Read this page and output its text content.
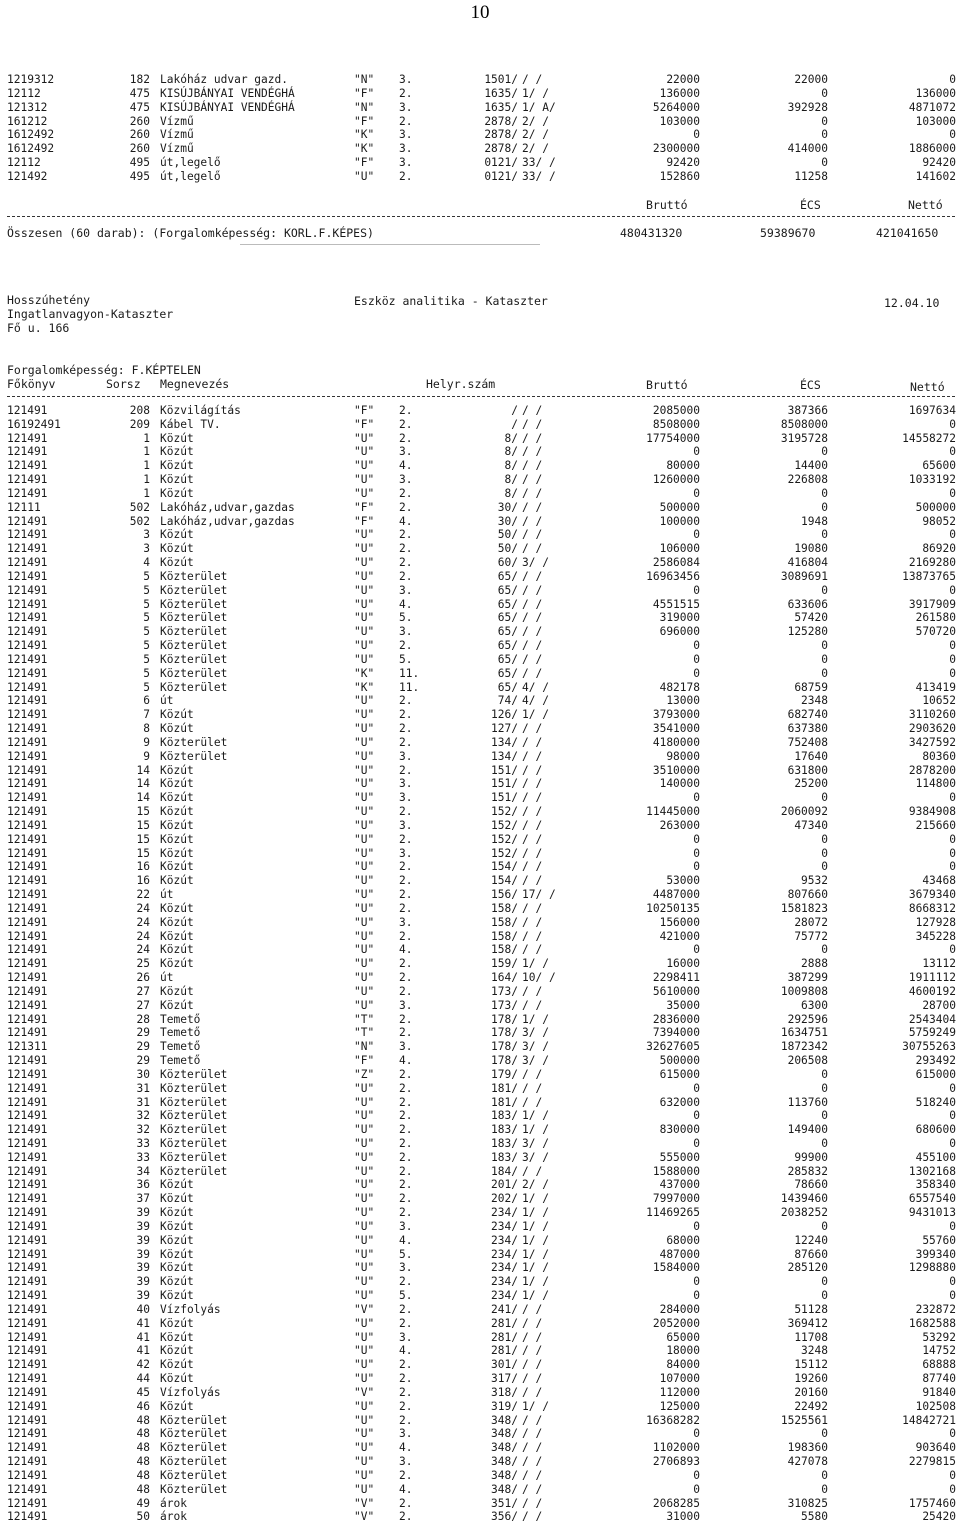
10
1219312	182 Lakóház udvar gazd.	"N" 3.	1501/ / /	22000	22000	0
12112	475 KISÚJBÁNYAI VENDÉGHÁ	"F" 2.	1635/ 1/ /	136000	0	136000
121312	475 KISÚJBÁNYAI VENDÉGHÁ	"N" 3.	1635/ 1/ A/	5264000	392928	4871072
161212	260 Vízmű	"F" 2.	2878/ 2/ /	103000	0	103000
1612492	260 Vízmű	"K" 3.	2878/ 2/ /	0	0	0
1612492	260 Vízmű	"K" 3.	2878/ 2/ /	2300000	414000	1886000
12112	495 út,legelő	"F" 3.	0121/ 33/ /	92420	0	92420
121492	495 út,legelő	"U" 2.	0121/ 33/ /	152860	11258	141602
Bruttó	ÉCS	Nettó
Összesen (60 darab): (Forgalomképesség: KORL.F.KÉPES)	480431320	59389670	421041650
Hosszúhetény
Ingatlanvagyon-Kataszter
Fő u. 166
Eszköz analitika - Kataszter	12.04.10
Forgalomképesség: F.KÉPTELEN
Főkönyv	Sorsz Megnevezés	Helyr.szám	Bruttó	ÉCS	Nettó
121491	208 Közvilágítás	"F" 2.	/ / /	2085000	387366	1697634
16192491	209 Kábel TV.	"F" 2.	/ / /	8508000	8508000	0
121491	1 Közút	"U" 2.	8/ / /	17754000	3195728	14558272
121491	1 Közút	"U" 3.	8/ / /	0	0	0
121491	1 Közút	"U" 4.	8/ / /	80000	14400	65600
121491	1 Közút	"U" 3.	8/ / /	1260000	226808	1033192
121491	1 Közút	"U" 2.	8/ / /	0	0	0
12111	502 Lakóház,udvar,gazdas	"F" 2.	30/ / /	500000	0	500000
121491	502 Lakóház,udvar,gazdas	"F" 4.	30/ / /	100000	1948	98052
121491	3 Közút	"U" 2.	50/ / /	0	0	0
121491	3 Közút	"U" 2.	50/ / /	106000	19080	86920
121491	4 Közút	"U" 2.	60/ 3/ /	2586084	416804	2169280
121491	5 Közterület	"U" 2.	65/ / /	16963456	3089691	13873765
121491	5 Közterület	"U" 3.	65/ / /	0	0	0
121491	5 Közterület	"U" 4.	65/ / /	4551515	633606	3917909
121491	5 Közterület	"U" 5.	65/ / /	319000	57420	261580
121491	5 Közterület	"U" 3.	65/ / /	696000	125280	570720
121491	5 Közterület	"U" 2.	65/ / /	0	0	0
121491	5 Közterület	"U" 5.	65/ / /	0	0	0
121491	5 Közterület	"K" 11.	65/ / /	0	0	0
121491	5 Közterület	"K" 11.	65/ 4/ /	482178	68759	413419
121491	6 út	"U" 2.	74/ 4/ /	13000	2348	10652
121491	7 Közút	"U" 2.	126/ 1/ /	3793000	682740	3110260
121491	8 Közút	"U" 2.	127/ / /	3541000	637380	2903620
121491	9 Közterület	"U" 2.	134/ / /	4180000	752408	3427592
121491	9 Közterület	"U" 3.	134/ / /	98000	17640	80360
121491	14 Közút	"U" 2.	151/ / /	3510000	631800	2878200
121491	14 Közút	"U" 3.	151/ / /	140000	25200	114800
121491	14 Közút	"U" 3.	151/ / /	0	0	0
121491	15 Közút	"U" 2.	152/ / /	11445000	2060092	9384908
121491	15 Közút	"U" 3.	152/ / /	263000	47340	215660
121491	15 Közút	"U" 2.	152/ / /	0	0	0
121491	15 Közút	"U" 3.	152/ / /	0	0	0
121491	16 Közút	"U" 2.	154/ / /	0	0	0
121491	16 Közút	"U" 2.	154/ / /	53000	9532	43468
121491	22 út	"U" 2.	156/ 17/ /	4487000	807660	3679340
121491	24 Közút	"U" 2.	158/ / /	10250135	1581823	8668312
121491	24 Közút	"U" 3.	158/ / /	156000	28072	127928
121491	24 Közút	"U" 2.	158/ / /	421000	75772	345228
121491	24 Közút	"U" 4.	158/ / /	0	0	0
121491	25 Közút	"U" 2.	159/ 1/ /	16000	2888	13112
121491	26 út	"U" 2.	164/ 10/ /	2298411	387299	1911112
121491	27 Közút	"U" 2.	173/ / /	5610000	1009808	4600192
121491	27 Közút	"U" 3.	173/ / /	35000	6300	28700
121491	28 Temető	"T" 2.	178/ 1/ /	2836000	292596	2543404
121491	29 Temető	"T" 2.	178/ 3/ /	7394000	1634751	5759249
121311	29 Temető	"N" 3.	178/ 3/ /	32627605	1872342	30755263
121491	29 Temető	"F" 4.	178/ 3/ /	500000	206508	293492
121491	30 Közterület	"Z" 2.	179/ / /	615000	0	615000
121491	31 Közterület	"U" 2.	181/ / /	0	0	0
121491	31 Közterület	"U" 2.	181/ / /	632000	113760	518240
121491	32 Közterület	"U" 2.	183/ 1/ /	0	0	0
121491	32 Közterület	"U" 2.	183/ 1/ /	830000	149400	680600
121491	33 Közterület	"U" 2.	183/ 3/ /	0	0	0
121491	33 Közterület	"U" 2.	183/ 3/ /	555000	99900	455100
121491	34 Közterület	"U" 2.	184/ / /	1588000	285832	1302168
121491	36 Közút	"U" 2.	201/ 2/ /	437000	78660	358340
121491	37 Közút	"U" 2.	202/ 1/ /	7997000	1439460	6557540
121491	39 Közút	"U" 2.	234/ 1/ /	11469265	2038252	9431013
121491	39 Közút	"U" 3.	234/ 1/ /	0	0	0
121491	39 Közút	"U" 4.	234/ 1/ /	68000	12240	55760
121491	39 Közút	"U" 5.	234/ 1/ /	487000	87660	399340
121491	39 Közút	"U" 3.	234/ 1/ /	1584000	285120	1298880
121491	39 Közút	"U" 2.	234/ 1/ /	0	0	0
121491	39 Közút	"U" 5.	234/ 1/ /	0	0	0
121491	40 Vízfolyás	"V" 2.	241/ / /	284000	51128	232872
121491	41 Közút	"U" 2.	281/ / /	2052000	369412	1682588
121491	41 Közút	"U" 3.	281/ / /	65000	11708	53292
121491	41 Közút	"U" 4.	281/ / /	18000	3248	14752
121491	42 Közút	"U" 2.	301/ / /	84000	15112	68888
121491	44 Közút	"U" 2.	317/ / /	107000	19260	87740
121491	45 Vízfolyás	"V" 2.	318/ / /	112000	20160	91840
121491	46 Közút	"U" 2.	319/ 1/ /	125000	22492	102508
121491	48 Közterület	"U" 2.	348/ / /	16368282	1525561	14842721
121491	48 Közterület	"U" 3.	348/ / /	0	0	0
121491	48 Közterület	"U" 4.	348/ / /	1102000	198360	903640
121491	48 Közterület	"U" 3.	348/ / /	2706893	427078	2279815
121491	48 Közterület	"U" 2.	348/ / /	0	0	0
121491	48 Közterület	"U" 4.	348/ / /	0	0	0
121491	49 árok	"V" 2.	351/ / /	2068285	310825	1757460
121491	50 árok	"V" 2.	356/ / /	31000	5580	25420
